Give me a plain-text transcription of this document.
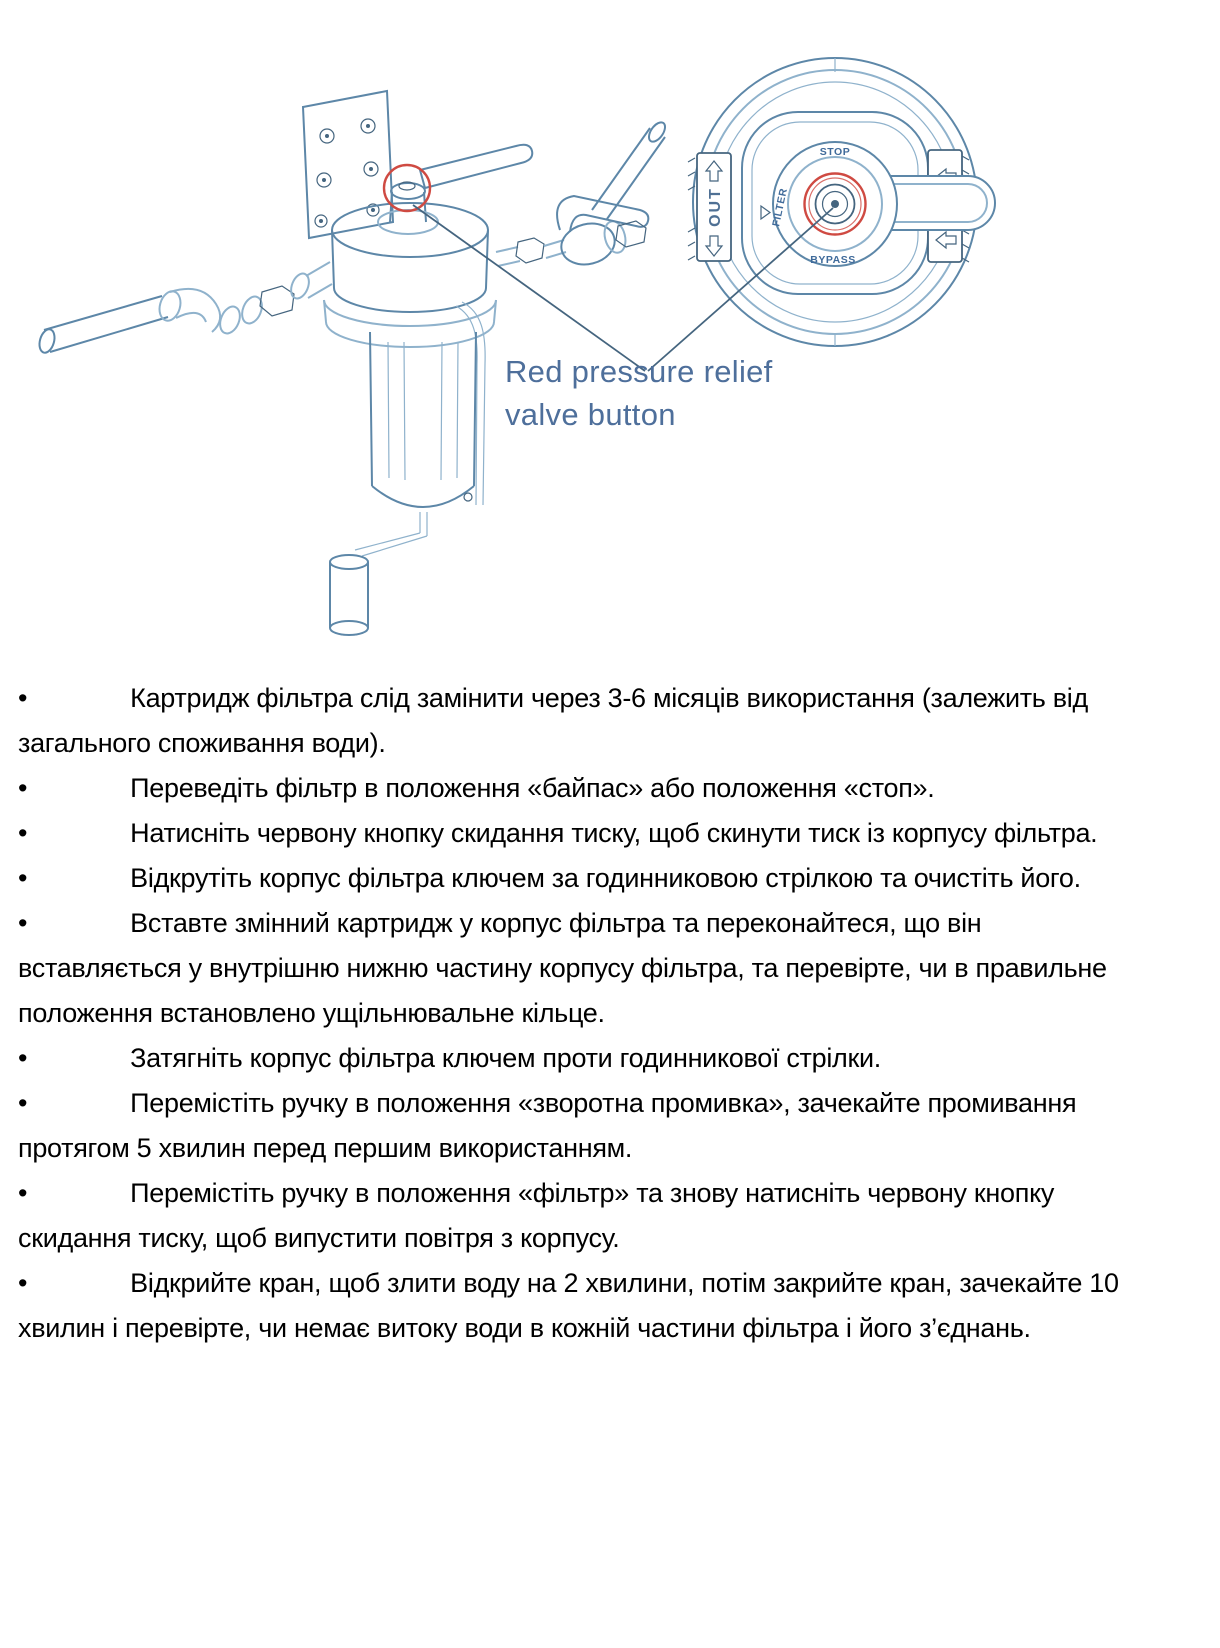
OUT
STOP
FILTER
BYPASS
Red pressure relief
valve button

•	Картридж фільтра слід замінити через 3-6 місяців використання (залежить від загального споживання води).

•	Переведіть фільтр в положення «байпас» або положення «стоп».

•	Натисніть червону кнопку скидання тиску, щоб скинути тиск із корпусу фільтра.

•	Відкрутіть корпус фільтра ключем за годинниковою стрілкою та очистіть його.

•	Вставте змінний картридж у корпус фільтра та переконайтеся, що він вставляється у внутрішню нижню частину корпусу фільтра, та перевірте, чи в правильне положення встановлено ущільнювальне кільце.

•	Затягніть корпус фільтра ключем проти годинникової стрілки.

•	Перемістіть ручку в положення «зворотна промивка», зачекайте промивання протягом 5 хвилин перед першим використанням.

•	Перемістіть ручку в положення «фільтр» та знову натисніть червону кнопку скидання тиску, щоб випустити повітря з корпусу.

•	Відкрийте кран, щоб злити воду на 2 хвилини, потім закрийте кран, зачекайте 10 хвилин і перевірте, чи немає витоку води в кожній частини фільтра і його з’єднань.
